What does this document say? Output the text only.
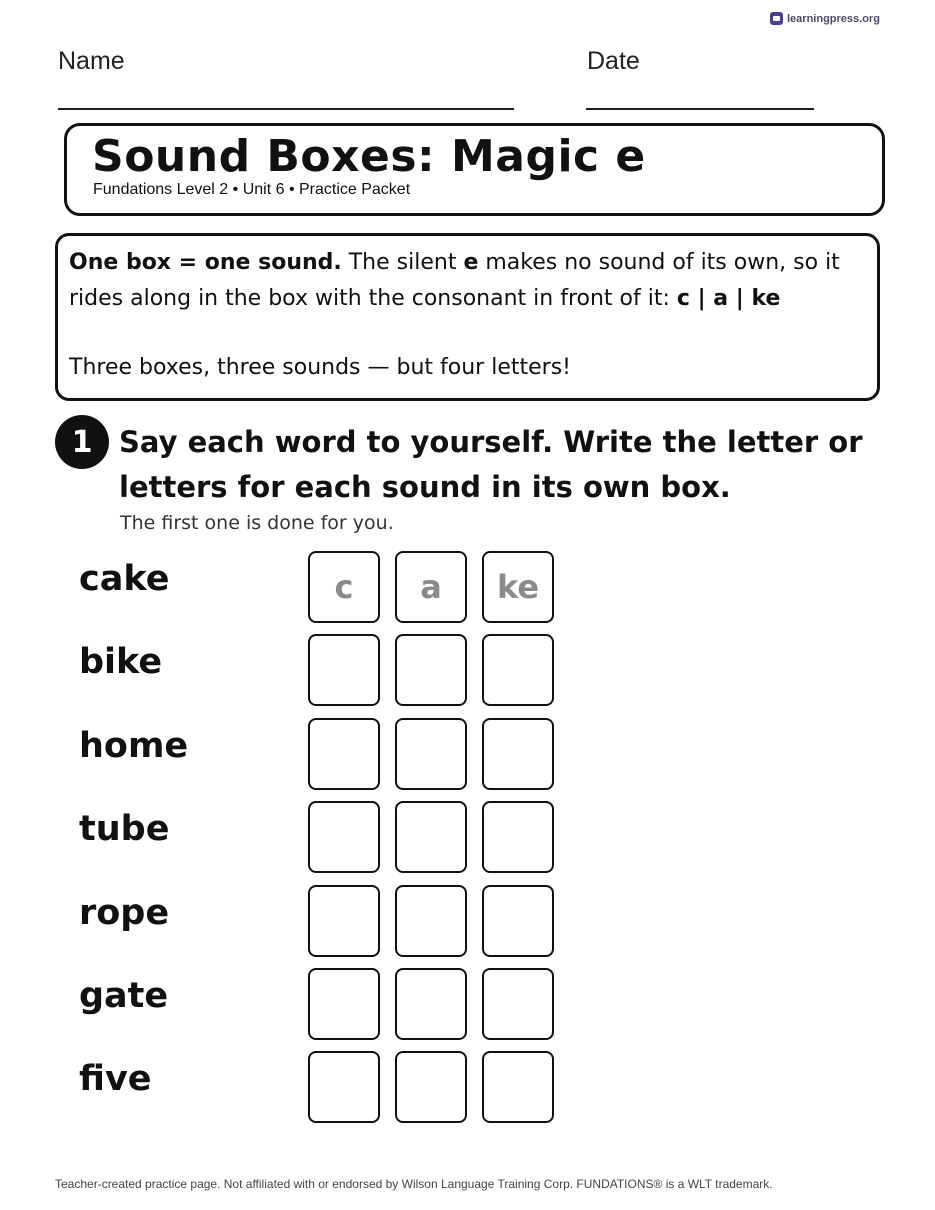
learningpress.org
Name	Date
Sound Boxes: Magic e
Fundations Level 2 • Unit 6 • Practice Packet
One box = one sound. The silent e makes no sound of its own, so it rides along in the box with the consonant in front of it: c | a | ke
Three boxes, three sounds — but four letters!
1 Say each word to yourself. Write the letter or letters for each sound in its own box.
The first one is done for you.
cake	c	a	ke
bike
home
tube
rope
gate
five
Teacher-created practice page. Not affiliated with or endorsed by Wilson Language Training Corp. FUNDATIONS® is a WLT trademark.
